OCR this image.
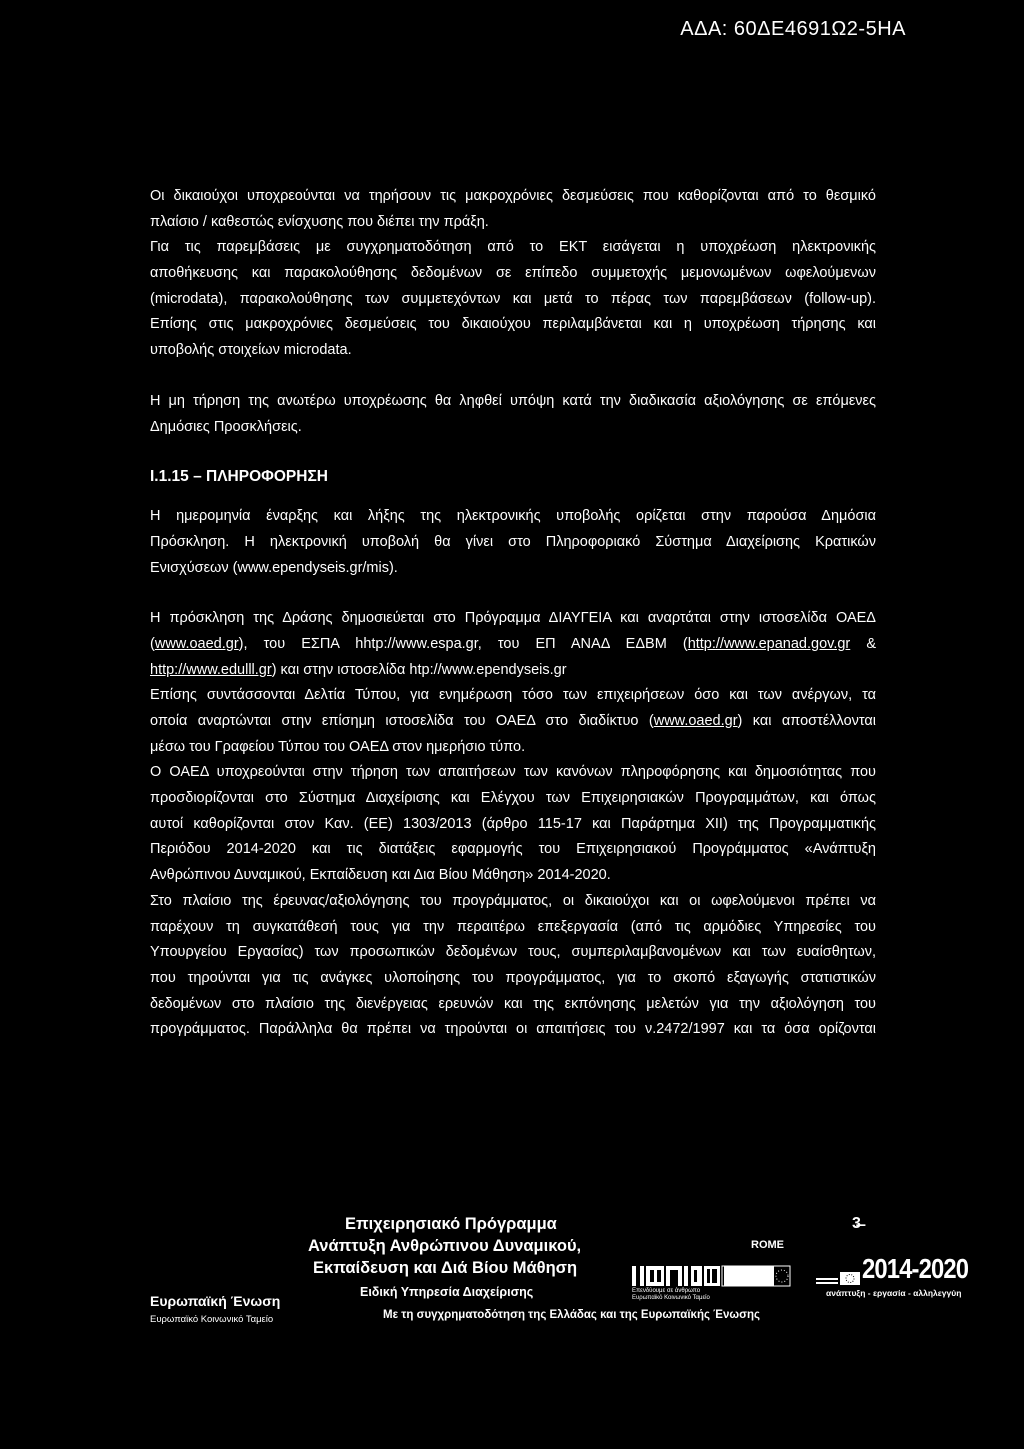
ΑΔΑ: 60ΔΕ4691Ω2-5ΗΑ
Οι δικαιούχοι υποχρεούνται να τηρήσουν τις μακροχρόνιες δεσμεύσεις που καθορίζονται από το θεσμικό
πλαίσιο / καθεστώς ενίσχυσης που διέπει την πράξη.
Για τις παρεμβάσεις με συγχρηματοδότηση από το ΕΚΤ εισάγεται η υποχρέωση ηλεκτρονικής
αποθήκευσης και παρακολούθησης δεδομένων σε επίπεδο συμμετοχής μεμονωμένων ωφελούμενων
(microdata), παρακολούθησης των συμμετεχόντων και μετά το πέρας των παρεμβάσεων (follow-up).
Επίσης στις μακροχρόνιες δεσμεύσεις του δικαιούχου περιλαμβάνεται και η υποχρέωση τήρησης και
υποβολής στοιχείων microdata.
Η μη τήρηση της ανωτέρω υποχρέωσης θα ληφθεί υπόψη κατά την διαδικασία αξιολόγησης σε επόμενες
Δημόσιες Προσκλήσεις.
Ι.1.15 – ΠΛΗΡΟΦΟΡΗΣΗ
Η ημερομηνία έναρξης και λήξης της ηλεκτρονικής υποβολής ορίζεται στην παρούσα Δημόσια
Πρόσκληση. Η ηλεκτρονική υποβολή θα γίνει στο Πληροφοριακό Σύστημα Διαχείρισης Κρατικών
Ενισχύσεων (www.ependyseis.gr/mis).
Η πρόσκληση της Δράσης δημοσιεύεται στο Πρόγραμμα ΔΙΑΥΓΕΙΑ και αναρτάται στην ιστοσελίδα ΟΑΕΔ
(www.oaed.gr), του ΕΣΠΑ hhtp://www.espa.gr, του ΕΠ ΑΝΑΔ ΕΔΒΜ (http://www.epanad.gov.gr &
http://www.edulll.gr) και στην ιστοσελίδα htp://www.ependyseis.gr
Επίσης συντάσσονται Δελτία Τύπου, για ενημέρωση τόσο των επιχειρήσεων όσο και των ανέργων, τα
οποία αναρτώνται στην επίσημη ιστοσελίδα του ΟΑΕΔ στο διαδίκτυο (www.oaed.gr) και αποστέλλονται
μέσω του Γραφείου Τύπου του ΟΑΕΔ στον ημερήσιο τύπο.
Ο ΟΑΕΔ υποχρεούνται στην τήρηση των απαιτήσεων των κανόνων πληροφόρησης και δημοσιότητας που
προσδιορίζονται στο Σύστημα Διαχείρισης και Ελέγχου των Επιχειρησιακών Προγραμμάτων, και όπως
αυτοί καθορίζονται στον Καν. (ΕΕ) 1303/2013 (άρθρο 115-17 και Παράρτημα XII) της Προγραμματικής
Περιόδου 2014-2020 και τις διατάξεις εφαρμογής του Επιχειρησιακού Προγράμματος «Ανάπτυξη
Ανθρώπινου Δυναμικού, Εκπαίδευση και Δια Βίου Μάθηση» 2014-2020.
Στο πλαίσιο της έρευνας/αξιολόγησης του προγράμματος, οι δικαιούχοι και οι ωφελούμενοι πρέπει να
παρέχουν τη συγκατάθεσή τους για την περαιτέρω επεξεργασία (από τις αρμόδιες Υπηρεσίες του
Υπουργείου Εργασίας) των προσωπικών δεδομένων τους, συμπεριλαμβανομένων και των ευαίσθητων,
που τηρούνται για τις ανάγκες υλοποίησης του προγράμματος, για το σκοπό εξαγωγής στατιστικών
δεδομένων στο πλαίσιο της διενέργειας ερευνών και της εκπόνησης μελετών για την αξιολόγηση του
προγράμματος. Παράλληλα θα πρέπει να τηρούνται οι απαιτήσεις του ν.2472/1997 και τα όσα ορίζονται
Ευρωπαϊκή Ένωση
Ευρωπαϊκό Κοινωνικό Ταμείο
Επιχειρησιακό Πρόγραμμα
Ανάπτυξη Ανθρώπινου Δυναμικού,
Εκπαίδευση και Διά Βίου Μάθηση
Ειδική Υπηρεσία Διαχείρισης
Με τη συγχρηματοδότηση της Ελλάδας και της Ευρωπαϊκής Ένωσης
ROME
Επενδύουμε σε άνθρωπο
Ευρωπαϊκό Κοινωνικό Ταμείο
3̶
2014-2020
ανάπτυξη - εργασία - αλληλεγγύη
